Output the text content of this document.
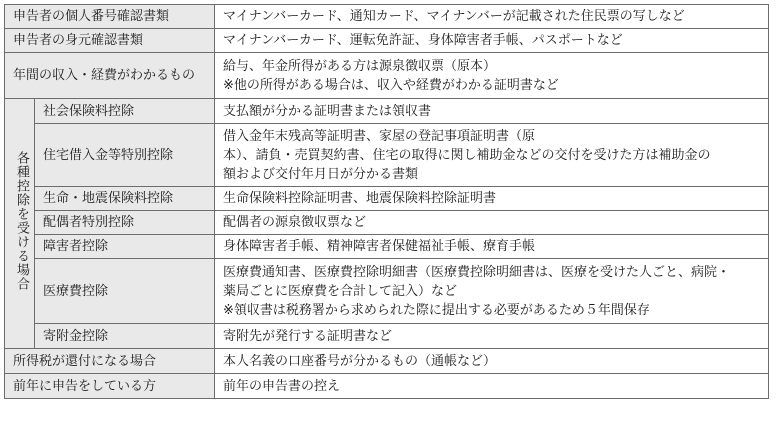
申告者の個人番号確認書類		マイナンバーカード、通知カード、マイナンバーが記載された住民票の写しなど

申告者の身元確認書類		マイナンバーカード、運転免許証、身体障害者手帳、パスポートなど

年間の収入・経費がわかるもの		給与、年金所得がある方は源泉徴収票（原本）
※他の所得がある場合は、収入や経費がわかる証明書など

各種控除を受ける場合	社会保険料控除	支払額が分かる証明書または領収書

	住宅借入金等特別控除	借入金年末残高等証明書、家屋の登記事項証明書（原
本）、請負・売買契約書、住宅の取得に関し補助金などの交付を受けた方は補助金の
額および交付年月日が分かる書類

	生命・地震保険料控除	生命保険料控除証明書、地震保険料控除証明書

	配偶者特別控除	配偶者の源泉徴収票など

	障害者控除	身体障害者手帳、精神障害者保健福祉手帳、療育手帳

	医療費控除	医療費通知書、医療費控除明細書（医療費控除明細書は、医療を受けた人ごと、病院・
薬局ごとに医療費を合計して記入）など
※領収書は税務署から求められた際に提出する必要があるため５年間保存

	寄附金控除	寄附先が発行する証明書など

所得税が還付になる場合		本人名義の口座番号が分かるもの（通帳など）

前年に申告をしている方		前年の申告書の控え
